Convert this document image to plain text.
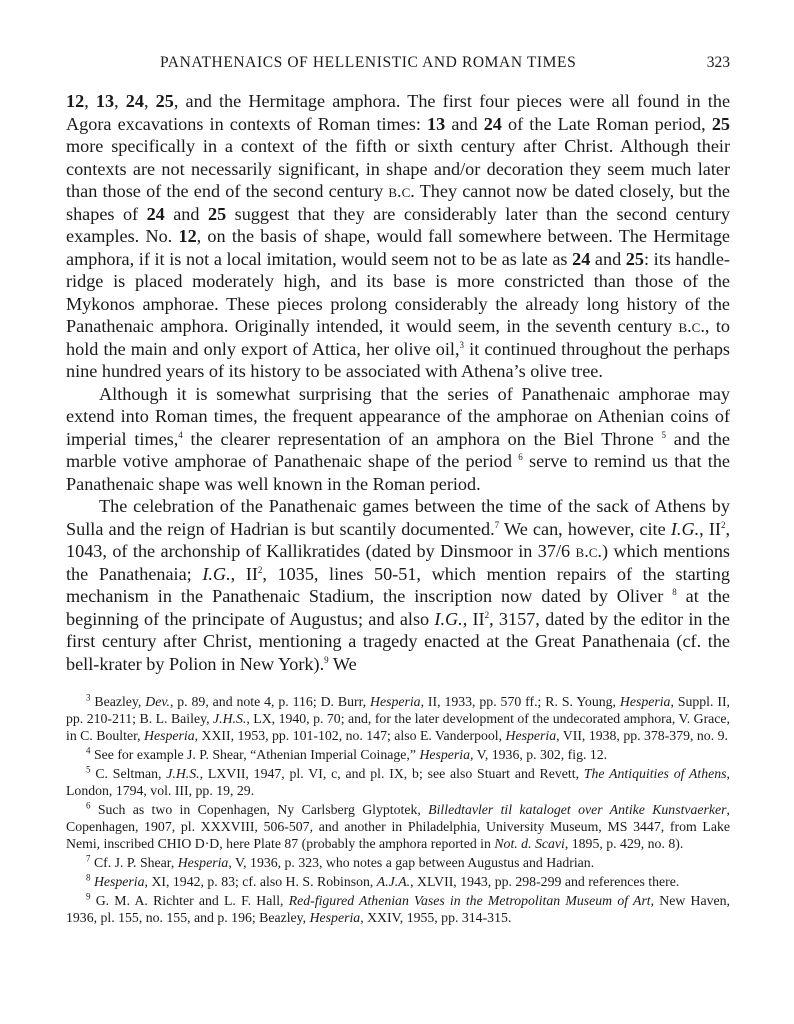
PANATHENAICS OF HELLENISTIC AND ROMAN TIMES	323

12, 13, 24, 25, and the Hermitage amphora. The first four pieces were all found in the Agora excavations in contexts of Roman times: 13 and 24 of the Late Roman period, 25 more specifically in a context of the fifth or sixth century after Christ. Although their contexts are not necessarily significant, in shape and/or decoration they seem much later than those of the end of the second century b.c. They cannot now be dated closely, but the shapes of 24 and 25 suggest that they are considerably later than the second century examples. No. 12, on the basis of shape, would fall somewhere between. The Hermitage amphora, if it is not a local imitation, would seem not to be as late as 24 and 25: its handle-ridge is placed moderately high, and its base is more constricted than those of the Mykonos amphorae. These pieces prolong considerably the already long history of the Panathenaic amphora. Originally intended, it would seem, in the seventh century b.c., to hold the main and only export of Attica, her olive oil,$^3$ it continued throughout the perhaps nine hundred years of its history to be associated with Athena’s olive tree.

Although it is somewhat surprising that the series of Panathenaic amphorae may extend into Roman times, the frequent appearance of the amphorae on Athenian coins of imperial times,$^4$ the clearer representation of an amphora on the Biel Throne $^5$ and the marble votive amphorae of Panathenaic shape of the period $^6$ serve to remind us that the Panathenaic shape was well known in the Roman period.

The celebration of the Panathenaic games between the time of the sack of Athens by Sulla and the reign of Hadrian is but scantily documented.$^7$ We can, however, cite I.G., $II^2$, 1043, of the archonship of Kallikratides (dated by Dinsmoor in 37/6 b.c.) which mentions the Panathenaia; I.G., $II^2$, 1035, lines 50-51, which mention repairs of the starting mechanism in the Panathenaic Stadium, the inscription now dated by Oliver $^8$ at the beginning of the principate of Augustus; and also I.G., $II^2$, 3157, dated by the editor in the first century after Christ, mentioning a tragedy enacted at the Great Panathenaia (cf. the bell-krater by Polion in New York).$^9$ We

$^3$ Beazley, Dev., p. 89, and note 4, p. 116; D. Burr, Hesperia, II, 1933, pp. 570 ff.; R. S. Young, Hesperia, Suppl. II, pp. 210-211; B. L. Bailey, J.H.S., LX, 1940, p. 70; and, for the later development of the undecorated amphora, V. Grace, in C. Boulter, Hesperia, XXII, 1953, pp. 101-102, no. 147; also E. Vanderpool, Hesperia, VII, 1938, pp. 378-379, no. 9.

$^4$ See for example J. P. Shear, “Athenian Imperial Coinage,” Hesperia, V, 1936, p. 302, fig. 12.

$^5$ C. Seltman, J.H.S., LXVII, 1947, pl. VI, c, and pl. IX, b; see also Stuart and Revett, The Antiquities of Athens, London, 1794, vol. III, pp. 19, 29.

$^6$ Such as two in Copenhagen, Ny Carlsberg Glyptotek, Billedtavler til kataloget over Antike Kunstvaerker, Copenhagen, 1907, pl. XXXVIII, 506-507, and another in Philadelphia, University Museum, MS 3447, from Lake Nemi, inscribed CHIO D·D, here Plate 87 (probably the amphora reported in Not. d. Scavi, 1895, p. 429, no. 8).

$^7$ Cf. J. P. Shear, Hesperia, V, 1936, p. 323, who notes a gap between Augustus and Hadrian.

$^8$ Hesperia, XI, 1942, p. 83; cf. also H. S. Robinson, A.J.A., XLVII, 1943, pp. 298-299 and references there.

$^9$ G. M. A. Richter and L. F. Hall, Red-figured Athenian Vases in the Metropolitan Museum of Art, New Haven, 1936, pl. 155, no. 155, and p. 196; Beazley, Hesperia, XXIV, 1955, pp. 314-315.
